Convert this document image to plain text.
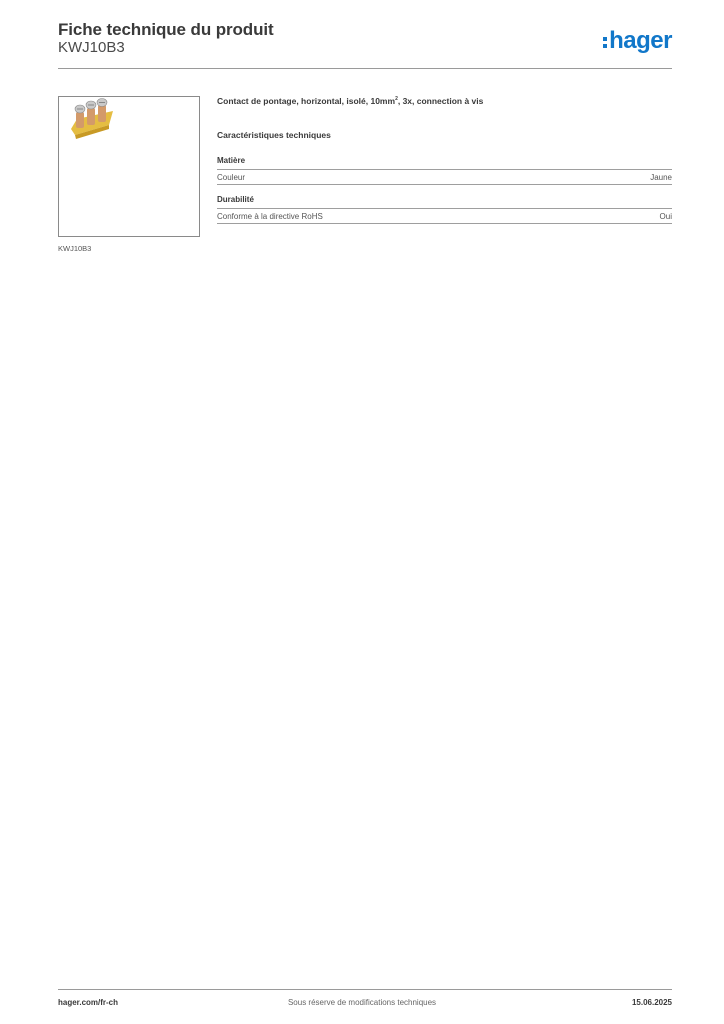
Fiche technique du produit
KWJ10B3	hager
KWJ10B3

Contact de pontage, horizontal, isolé, $10mm^2$, 3x, connection à vis

Caractéristiques techniques
Matière
Couleur	Jaune
Durabilité
Conforme à la directive RoHS	Oui
hager.com/fr-ch	Sous réserve de modifications techniques	15.06.2025
